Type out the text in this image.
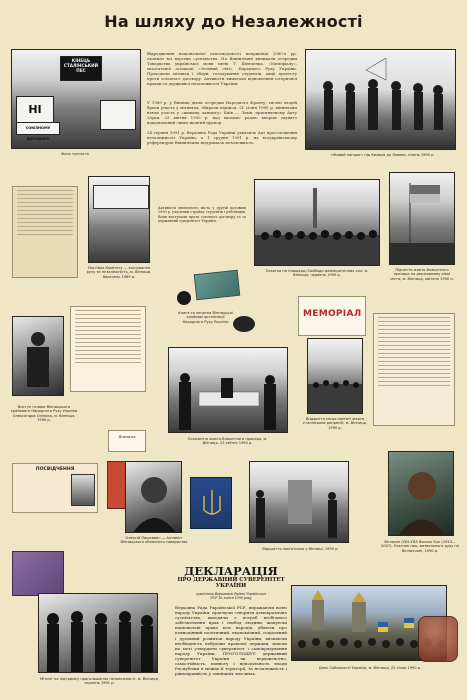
На шляху до Незалежності
КІНЕЦЬ СТАЛІНСЬКИЙ ПЕС
НІ
СОЮЗНОМУ ДОГОВОРУ
Фото тунгаста
Відродження національної самосвідомості наприкінці 1980-х рр. охопило всі верстви суспільства. На Вінниччині виникали осередки Товариства української мови імені Т. Шевченка, «Меморіалу», екологічної асоціації «Зелений світ», Народного Руху України. Проходили мітинги і збори, голодування студентів, акції протесту проти союзного договору. Активісти вимагали відновлення історичної правди та державної незалежності України.
У 1989 р. у Вінниці діяли осередки Народного Фронту, тисячі людей брали участь у мітингах, збирали підписи. 21 січня 1990 р. вінничани взяли участь у «живому ланцюгу» Київ — Львів, присвяченому Акту Злуки. 23 квітня 1990 р. над міською радою вперше піднято національний синьо-жовтий прапор.
24 серпня 1991 р. Верховна Рада України ухвалила Акт проголошення незалежності України, а 1 грудня 1991 р. на всеукраїнському референдумі Вінниччина підтримала незалежність.
«Живий ланцюг» під Києвом до Львова, січень 1990 р.
Листівка Комітету — заснування руху за незалежність, м. Вінниця, березень 1989 р.
Активісти оновленого міста у другій половині 1990 р. учасники страйку студентів і робітників. Вони виступали проти союзного договору та за державний суверенітет України.
Освятка на площадці Свободи демократичних сил, м. Вінниця, червень 1990 р.
Підняття жовто-блакитного прапора на державному рівні міста, м. Вінниця, квітень 1990 р.
Книга та печатка Вінницької крайової організації Народного Руху України
Виступ голови Вінницького крайового Народного Руху України Олександра Оліника, м. Вінниця, 1990 р.
Вінниця	Освячення жовто-блакитного прапора, м. Вінниця, 23 квітня 1990 р.
МЕМОРІАЛ
Відкриття місця пам'яті жертв сталінських репресій, м. Вінниця, 1990 р.
ПОСВІДЧЕННЯ
Олексій Пашкевич — Активіст Вінницького обласного товариства
Відкриття пам'ятника у Вінниці, 1990 р.
Ветеран ОУН-УПА Василь Кук (1913—2007). Учасник нац.-визвольного руху на Вінниччині, 1990 р.
Мітинг на підтримку проголошення незалежності. м. Вінниця, серпень 1991 р.
ДЕКЛАРАЦІЯ
ПРО ДЕРЖАВНИЙ СУВЕРЕНІТЕТ УКРАЇНИ
прийнята Верховною Радою Української РСР 16 липня 1990 року
Верховна Рада Української РСР, виражаючи волю народу України, прагнучи створити демократичне суспільство, виходячи з потреб всебічного забезпечення прав і свобод людини, шануючи національні права всіх народів, дбаючи про повноцінний політичний, економічний, соціальний і духовний розвиток народу України, визнаючи необхідність побудови правової держави, маючи на меті утвердити суверенітет і самоврядування народу України, ПРОГОЛОШУЄ державний суверенітет України як верховенство, самостійність, повноту і неподільність влади Республіки в межах її території, та незалежність і рівноправність у зовнішніх зносинах.
День Соборності України, м. Вінниця, 22 січня 1990 р.
